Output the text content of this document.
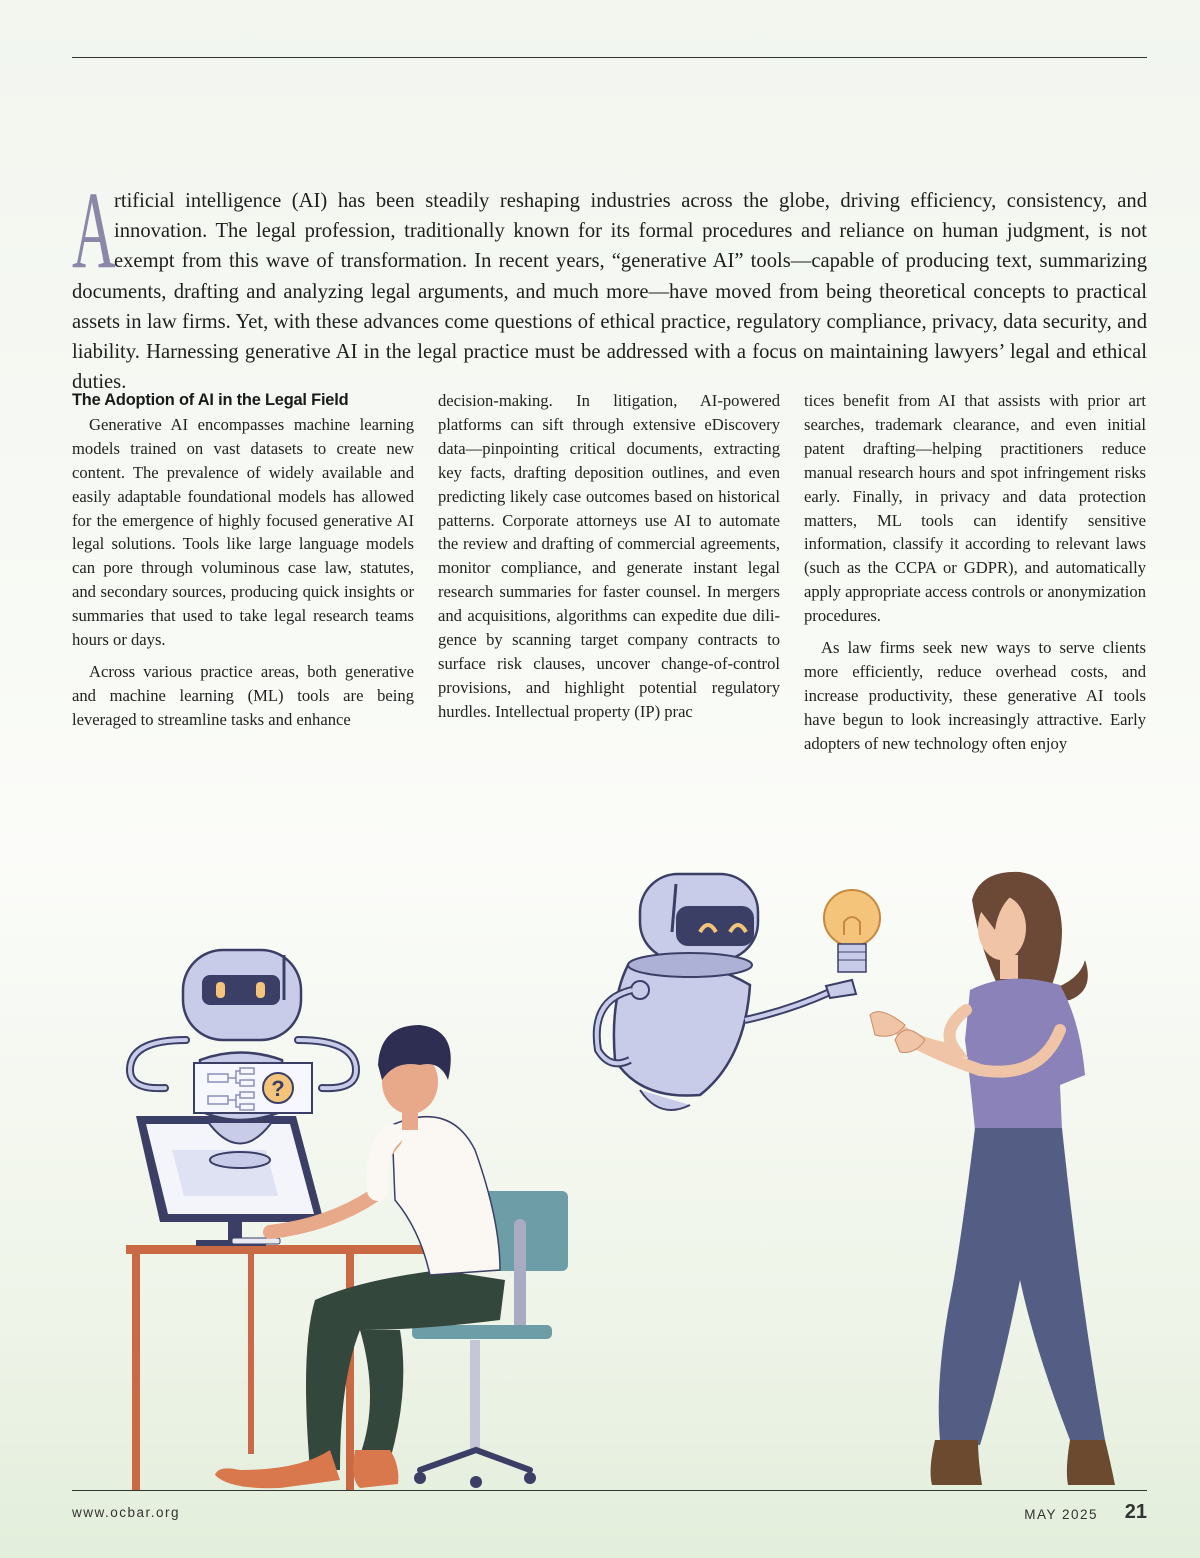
A
rtificial intelligence (AI) has been steadily reshaping industries across the globe, driving efficiency, consistency, and innovation. The legal profession, traditionally known for its formal procedures and reliance on human judgment, is not exempt from this wave of transformation. In recent years, “generative AI” tools—capable of producing text, summarizing documents, drafting and analyzing legal arguments, and much more—have moved from being theoretical concepts to practical assets in law firms. Yet, with these advances come questions of ethical practice, regulatory compliance, privacy, data security, and liability. Harnessing generative AI in the legal practice must be addressed with a focus on maintaining lawyers’ legal and ethical duties.

The Adoption of AI in the Legal Field

Generative AI encompasses machine learning models trained on vast datasets to create new content. The prevalence of widely available and easily adaptable foundational models has allowed for the emergence of highly focused generative AI legal solutions. Tools like large language models can pore through voluminous case law, statutes, and secondary sources, producing quick insights or summaries that used to take legal research teams hours or days.

Across various practice areas, both generative and machine learning (ML) tools are being leveraged to streamline tasks and enhance

decision-making. In litigation, AI-powered platforms can sift through extensive eDiscovery data—pinpointing critical documents, extracting key facts, drafting deposition outlines, and even predicting likely case outcomes based on historical patterns. Corporate attorneys use AI to automate the review and drafting of commercial agreements, monitor compliance, and generate instant legal research summaries for faster counsel. In mergers and acquisitions, algorithms can expedite due diligence by scanning target company contracts to surface risk clauses, uncover change-of-control provisions, and highlight potential regulatory hurdles. Intellectual property (IP) prac

tices benefit from AI that assists with prior art searches, trademark clearance, and even initial patent drafting—helping practitioners reduce manual research hours and spot infringement risks early. Finally, in privacy and data protection matters, ML tools can identify sensitive information, classify it according to relevant laws (such as the CCPA or GDPR), and automatically apply appropriate access controls or anonymization procedures.

As law firms seek new ways to serve clients more efficiently, reduce overhead costs, and increase productivity, these generative AI tools have begun to look increasingly attractive. Early adopters of new technology often enjoy

?
www.ocbar.org	MAY 2025 21
